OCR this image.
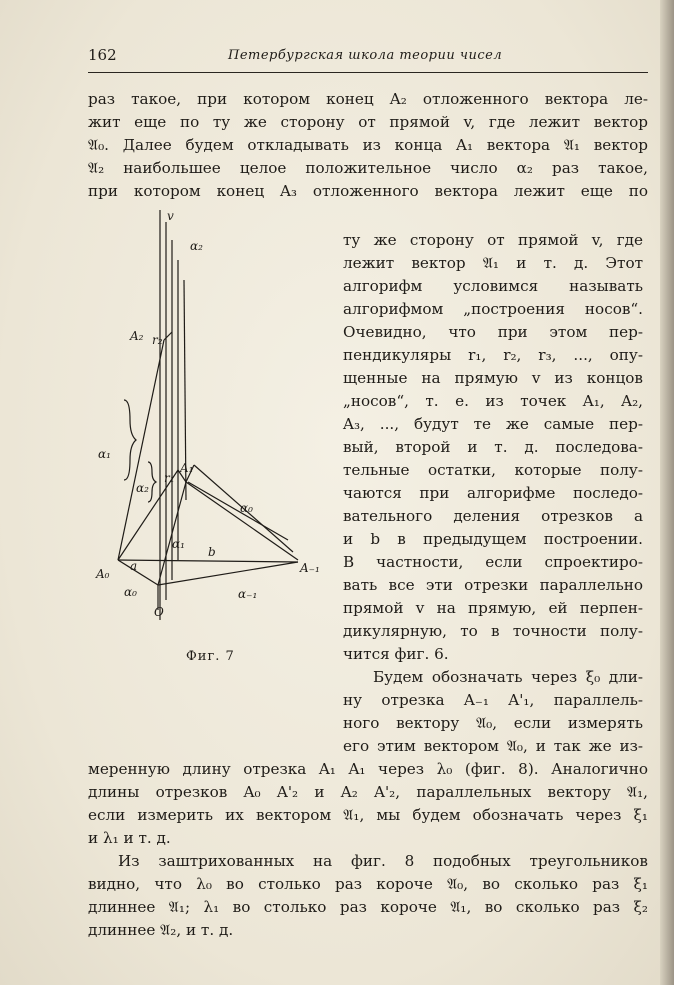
162	Петербургская школа теории чисел
раз такое, при котором конец A₂ отложенного вектора ле-
жит еще по ту же сторону от прямой v, где лежит вектор
𝔄₀. Далее будем откладывать из конца A₁ вектора 𝔄₁ вектор
𝔄₂ наибольшее целое положительное число α₂ раз такое,
при котором конец A₃ отложенного вектора лежит еще по
v
α₂
A₂ r₂
α₁
α₂
r₁
A₁
α₀
α₁
b
a
A₀	A₋₁
α₀
O
α₋₁
Фиг. 7
ту же сторону от прямой v, где
лежит вектор 𝔄₁ и т. д. Этот
алгорифм условимся называть
алгорифмом „построения носов“.
Очевидно, что при этом пер-
пендикуляры r₁, r₂, r₃, ..., опу-
щенные на прямую v из концов
„носов“, т. е. из точек A₁, A₂,
A₃, ..., будут те же самые пер-
вый, второй и т. д. последова-
тельные остатки, которые полу-
чаются при алгорифме последо-
вательного деления отрезков a
и b в предыдущем построении.
В частности, если спроектиро-
вать все эти отрезки параллельно
прямой v на прямую, ей перпен-
дикулярную, то в точности полу-
чится фиг. 6.
Будем обозначать через ξ₀ дли-
ну отрезка A₋₁ A'₁, параллель-
ного вектору 𝔄₀, если измерять
его этим вектором 𝔄₀, и так же из-
меренную длину отрезка A₁ A₁ через λ₀ (фиг. 8). Аналогично
длины отрезков A₀ A'₂ и A₂ A'₂, параллельных вектору 𝔄₁,
если измерить их вектором 𝔄₁, мы будем обозначать через ξ₁
и λ₁ и т. д.
Из заштрихованных на фиг. 8 подобных треугольников
видно, что λ₀ во столько раз короче 𝔄₀, во сколько раз ξ₁
длиннее 𝔄₁; λ₁ во столько раз короче 𝔄₁, во сколько раз ξ₂
длиннее 𝔄₂, и т. д.
